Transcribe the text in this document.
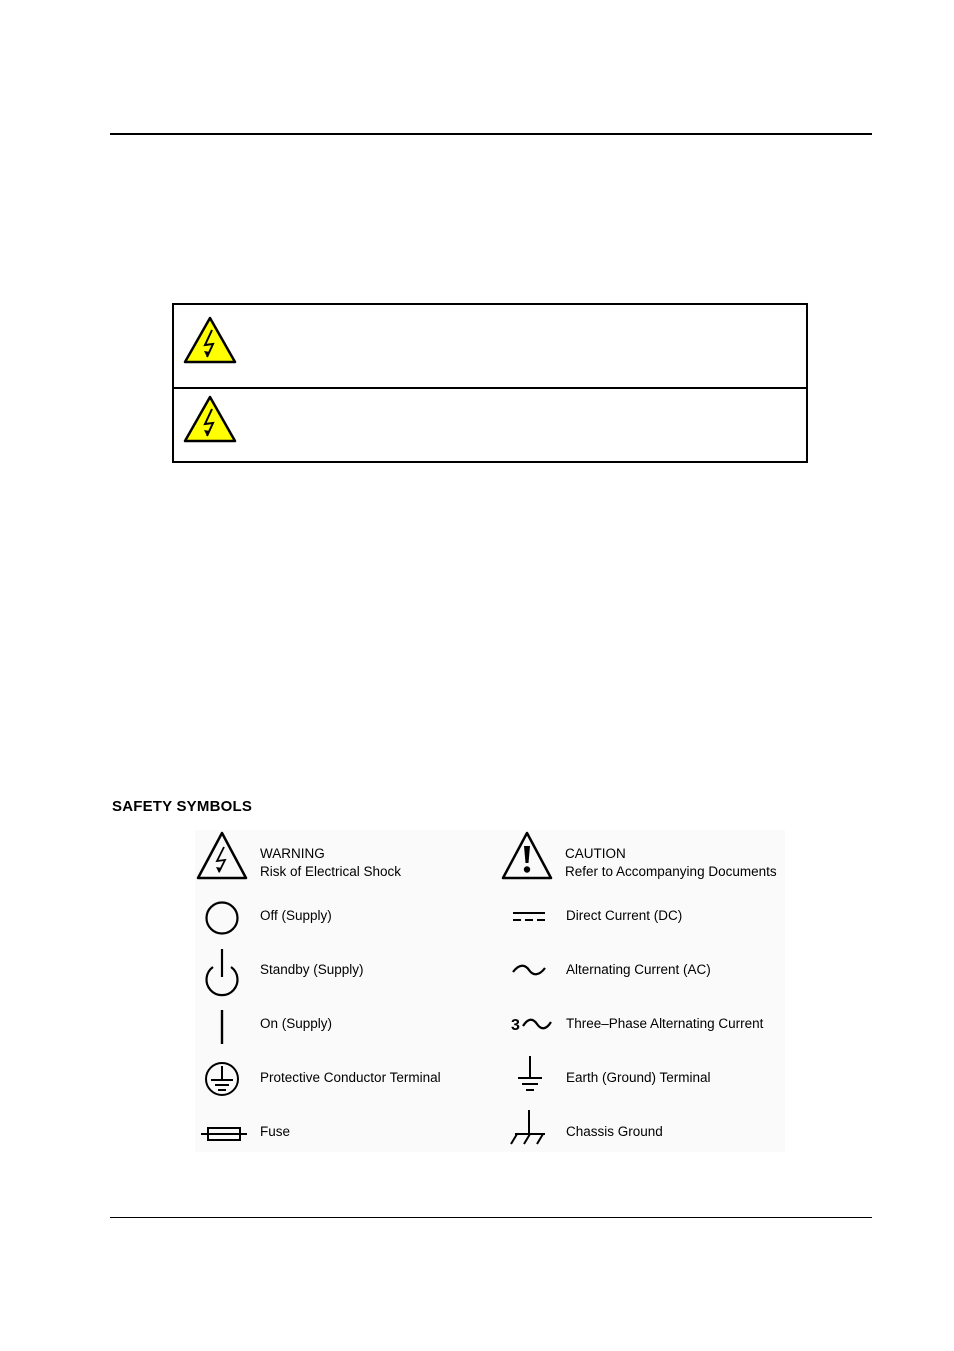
SAFETY SYMBOLS
WARNING
Risk of Electrical Shock
Off (Supply)
Standby (Supply)
On (Supply)
Protective Conductor Terminal
Fuse
CAUTION
Refer to Accompanying Documents
Direct Current (DC)
Alternating Current (AC)
3	Three–Phase Alternating Current
Earth (Ground) Terminal
Chassis Ground
